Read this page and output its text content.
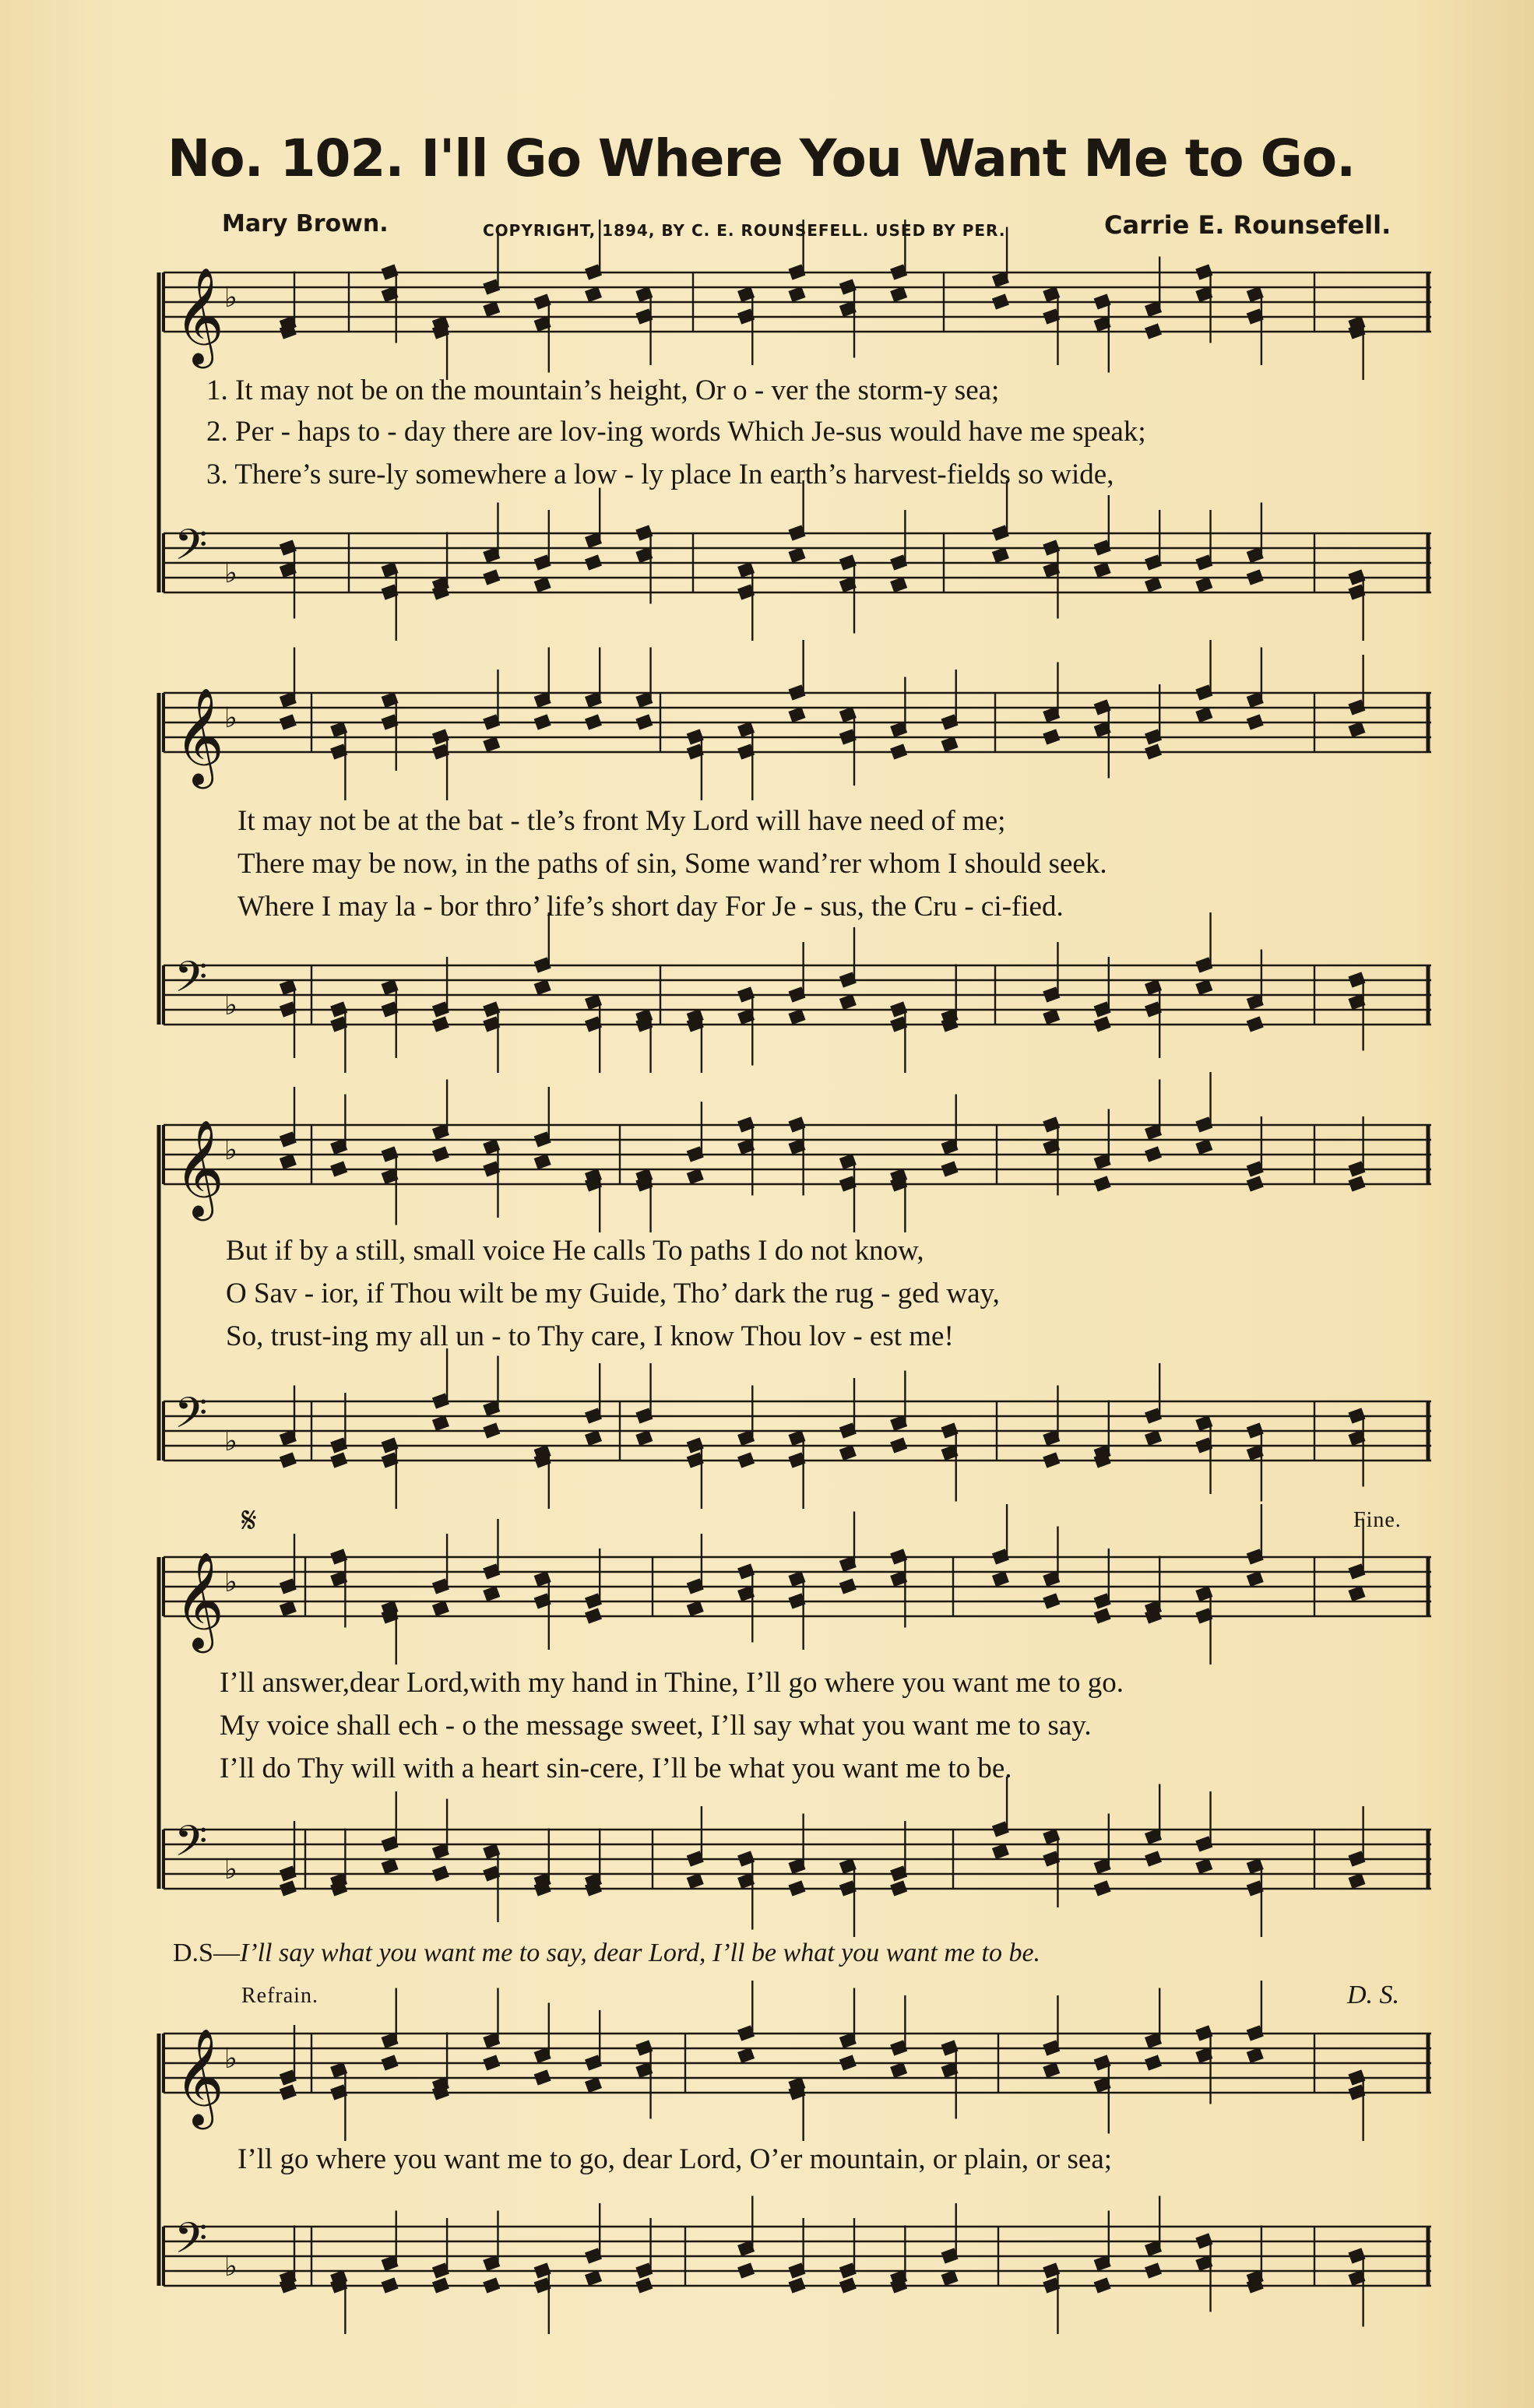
No. 102. I'll Go Where You Want Me to Go.
Mary Brown.	COPYRIGHT, 1894, BY C. E. ROUNSEFELL. USED BY PER.	Carrie E. Rounsefell.
𝄞 ♭
𝄢 ♭
𝄞 ♭
𝄢 ♭
𝄞 ♭
𝄢 ♭
𝄞 ♭
𝄢 ♭
𝄞 ♭
𝄢 ♭
1. It may not be on the mountain’s height, Or o - ver the storm-y sea;
2. Per - haps to - day there are lov-ing words Which Je-sus would have me speak;
3. There’s sure-ly somewhere a low - ly place In earth’s harvest-fields so wide,
It may not be at the bat - tle’s front My Lord will have need of me;
There may be now, in the paths of sin, Some wand’rer whom I should seek.
Where I may la - bor thro’ life’s short day For Je - sus, the Cru - ci-fied.
But if by a still, small voice He calls To paths I do not know,
O Sav - ior, if Thou wilt be my Guide, Tho’ dark the rug - ged way,
So, trust-ing my all un - to Thy care, I know Thou lov - est me!
𝄋	Fine.
I’ll answer,dear Lord,with my hand in Thine, I’ll go where you want me to go.
My voice shall ech - o the message sweet, I’ll say what you want me to say.
I’ll do Thy will with a heart sin-cere, I’ll be what you want me to be.
D.S—I’ll say what you want me to say, dear Lord, I’ll be what you want me to be.
Refrain.	D. S.
I’ll go where you want me to go, dear Lord, O’er mountain, or plain, or sea;
